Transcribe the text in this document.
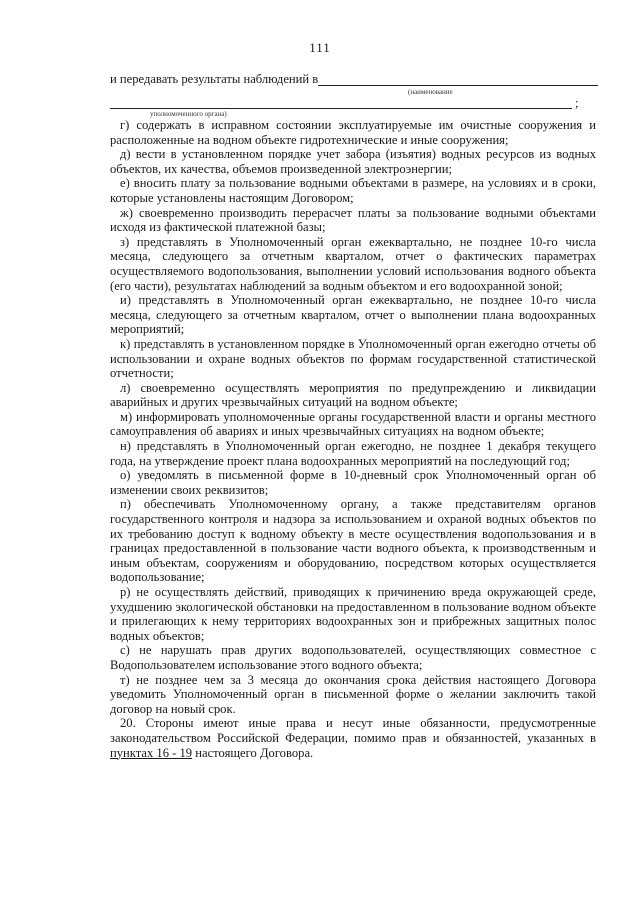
111
и передавать результаты наблюдений в
(наименование
;
уполномоченного органа)

г) содержать в исправном состоянии эксплуатируемые им очистные сооружения и расположенные на водном объекте гидротехнические и иные сооружения;

д) вести в установленном порядке учет забора (изъятия) водных ресурсов из водных объектов, их качества, объемов произведенной электроэнергии;

е) вносить плату за пользование водными объектами в размере, на условиях и в сроки, которые установлены настоящим Договором;

ж) своевременно производить перерасчет платы за пользование водными объектами исходя из фактической платежной базы;

з) представлять в Уполномоченный орган ежеквартально, не позднее 10-го числа месяца, следующего за отчетным кварталом, отчет о фактических параметрах осуществляемого водопользования, выполнении условий использования водного объекта (его части), результатах наблюдений за водным объектом и его водоохранной зоной;

и) представлять в Уполномоченный орган ежеквартально, не позднее 10-го числа месяца, следующего за отчетным кварталом, отчет о выполнении плана водоохранных мероприятий;

к) представлять в установленном порядке в Уполномоченный орган ежегодно отчеты об использовании и охране водных объектов по формам государственной статистической отчетности;

л) своевременно осуществлять мероприятия по предупреждению и ликвидации аварийных и других чрезвычайных ситуаций на водном объекте;

м) информировать уполномоченные органы государственной власти и органы местного самоуправления об авариях и иных чрезвычайных ситуациях на водном объекте;

н) представлять в Уполномоченный орган ежегодно, не позднее 1 декабря текущего года, на утверждение проект плана водоохранных мероприятий на последующий год;

о) уведомлять в письменной форме в 10-дневный срок Уполномоченный орган об изменении своих реквизитов;

п) обеспечивать Уполномоченному органу, а также представителям органов государственного контроля и надзора за использованием и охраной водных объектов по их требованию доступ к водному объекту в месте осуществления водопользования и в границах предоставленной в пользование части водного объекта, к производственным и иным объектам, сооружениям и оборудованию, посредством которых осуществляется водопользование;

р) не осуществлять действий, приводящих к причинению вреда окружающей среде, ухудшению экологической обстановки на предоставленном в пользование водном объекте и прилегающих к нему территориях водоохранных зон и прибрежных защитных полос водных объектов;

с) не нарушать прав других водопользователей, осуществляющих совместное с Водопользователем использование этого водного объекта;

т) не позднее чем за 3 месяца до окончания срока действия настоящего Договора уведомить Уполномоченный орган в письменной форме о желании заключить такой договор на новый срок.

20. Стороны имеют иные права и несут иные обязанности, предусмотренные законодательством Российской Федерации, помимо прав и обязанностей, указанных в пунктах 16 - 19 настоящего Договора.
